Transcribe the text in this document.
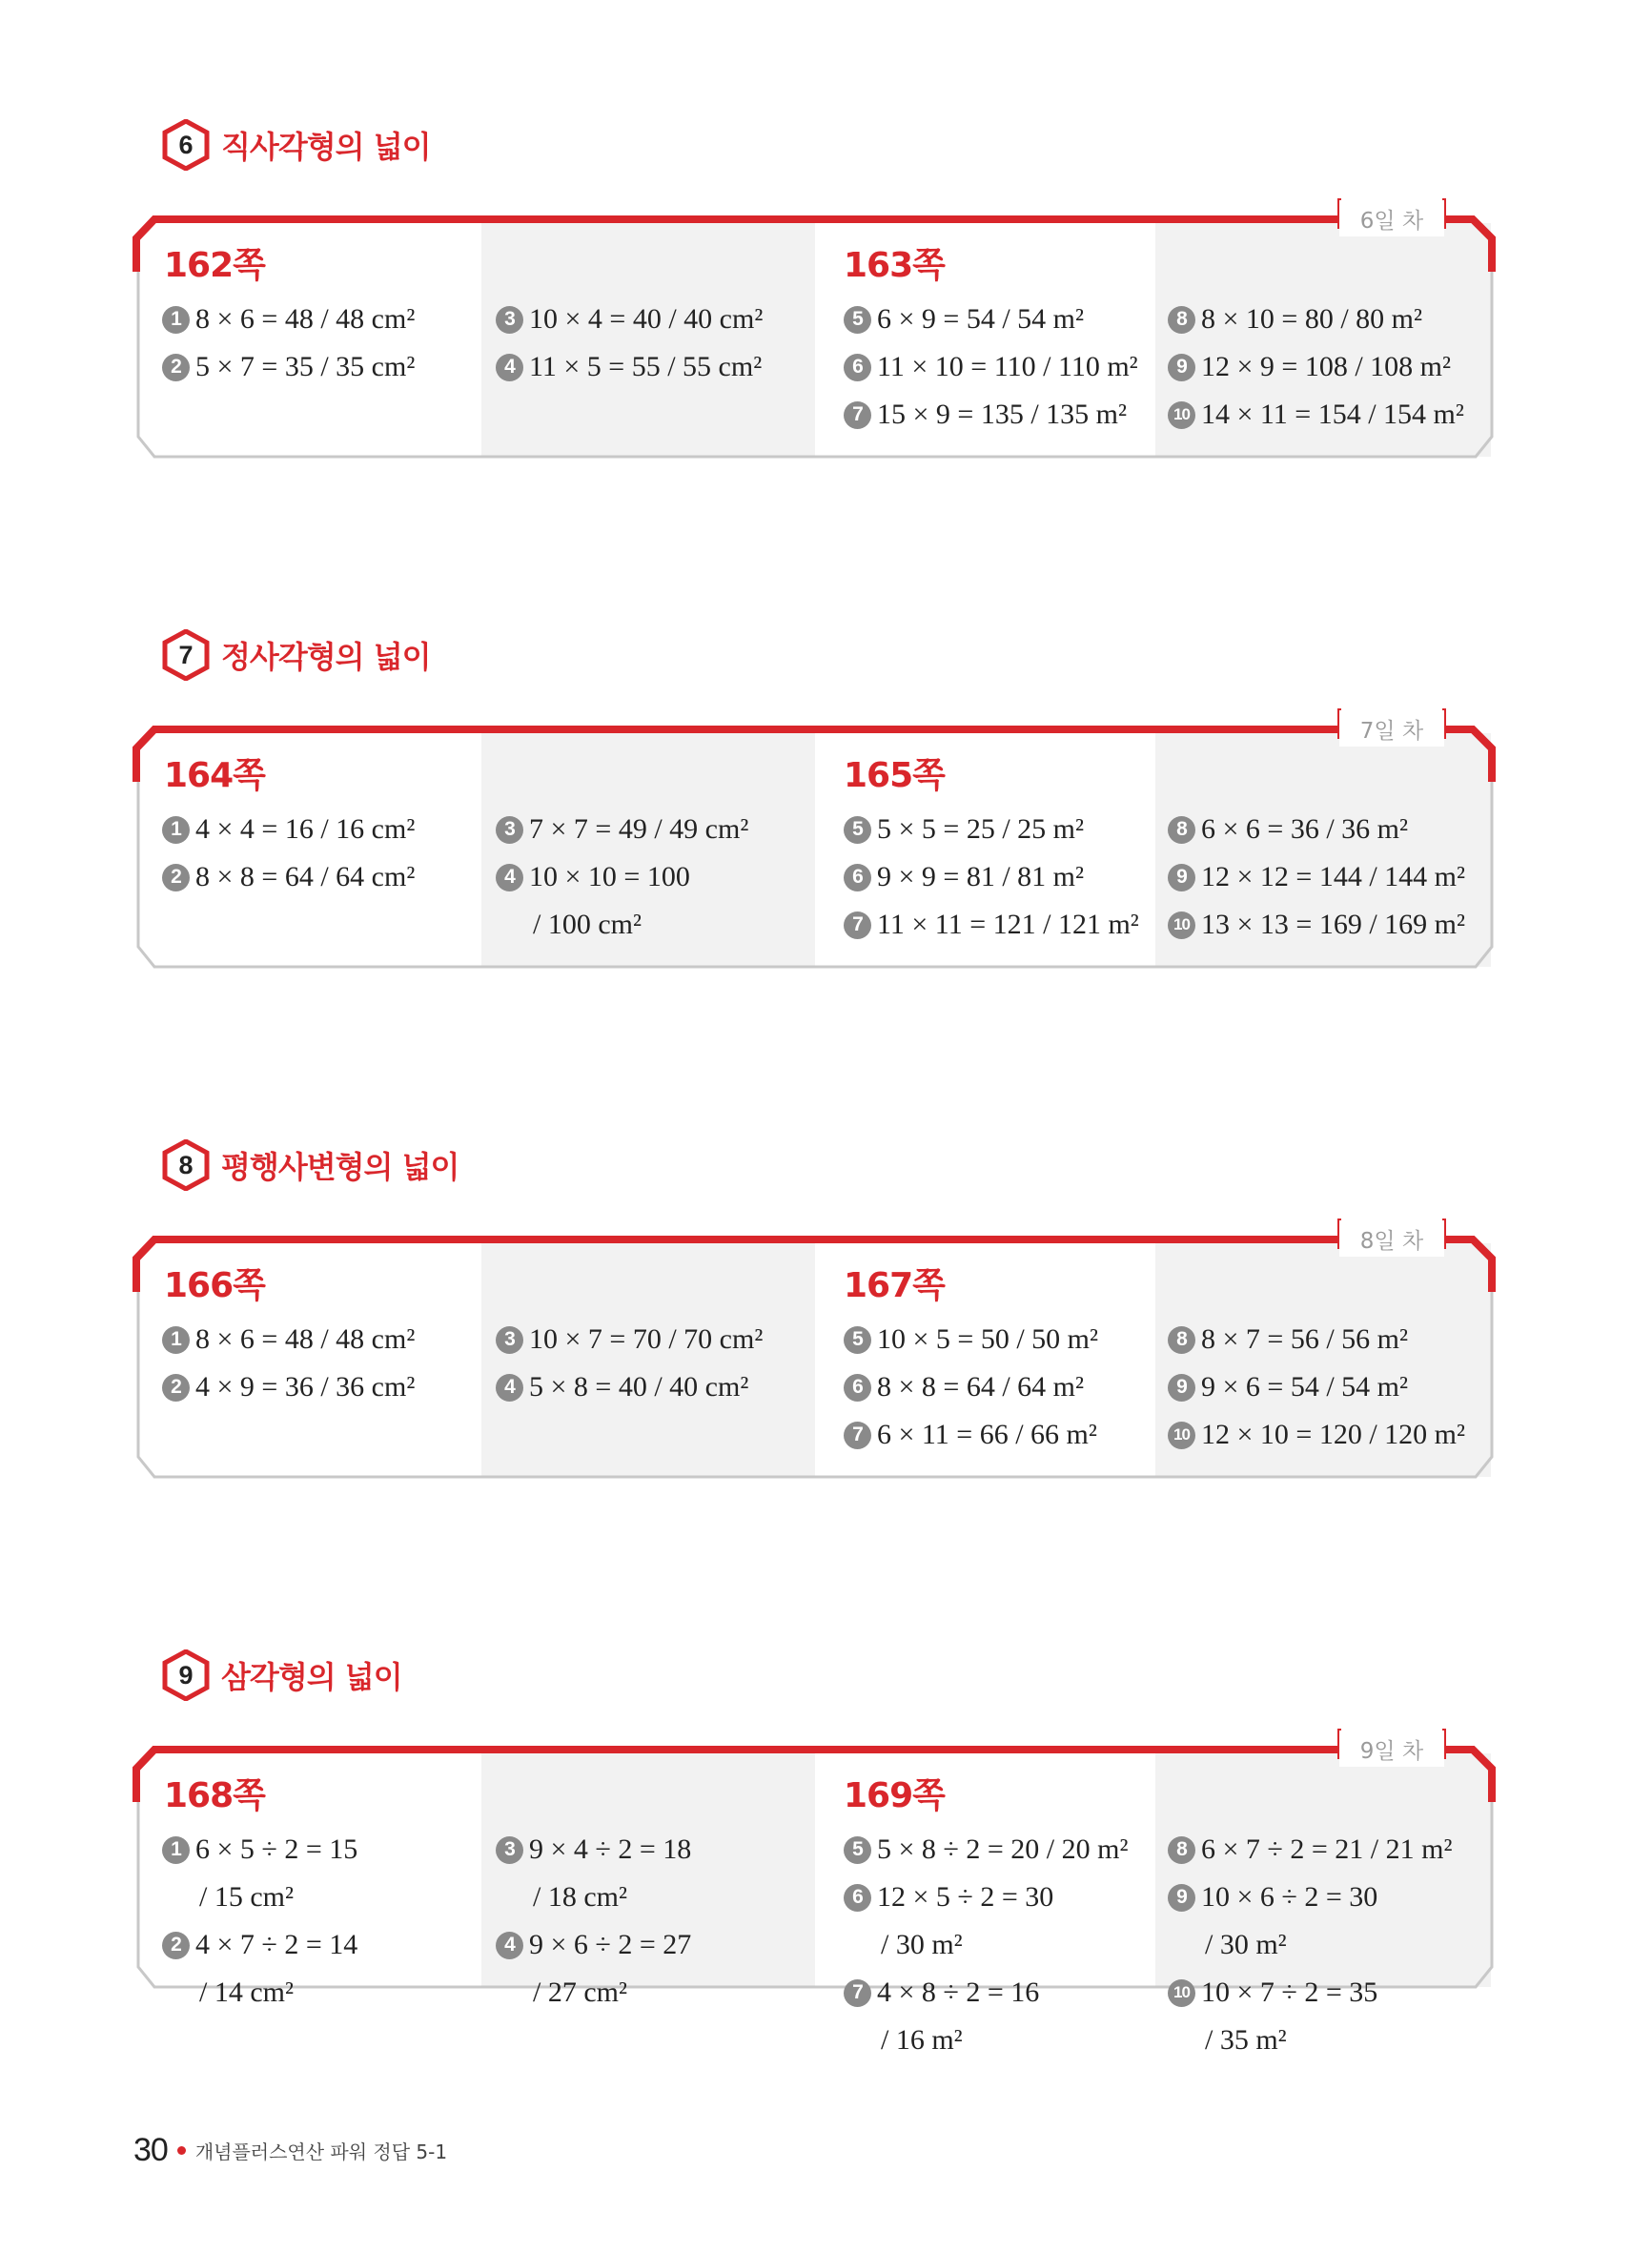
6 직사각형의 넓이
6일 차
162쪽	163쪽
1 8 × 6 = 48 / 48 cm²
2 5 × 7 = 35 / 35 cm²
3 10 × 4 = 40 / 40 cm²
4 11 × 5 = 55 / 55 cm²
5 6 × 9 = 54 / 54 m²
6 11 × 10 = 110 / 110 m²
7 15 × 9 = 135 / 135 m²
8 8 × 10 = 80 / 80 m²
9 12 × 9 = 108 / 108 m²
10 14 × 11 = 154 / 154 m²
7 정사각형의 넓이
7일 차
164쪽	165쪽
1 4 × 4 = 16 / 16 cm²
2 8 × 8 = 64 / 64 cm²
3 7 × 7 = 49 / 49 cm²
4 10 × 10 = 100
/ 100 cm²
5 5 × 5 = 25 / 25 m²
6 9 × 9 = 81 / 81 m²
7 11 × 11 = 121 / 121 m²
8 6 × 6 = 36 / 36 m²
9 12 × 12 = 144 / 144 m²
10 13 × 13 = 169 / 169 m²
8 평행사변형의 넓이
8일 차
166쪽	167쪽
1 8 × 6 = 48 / 48 cm²
2 4 × 9 = 36 / 36 cm²
3 10 × 7 = 70 / 70 cm²
4 5 × 8 = 40 / 40 cm²
5 10 × 5 = 50 / 50 m²
6 8 × 8 = 64 / 64 m²
7 6 × 11 = 66 / 66 m²
8 8 × 7 = 56 / 56 m²
9 9 × 6 = 54 / 54 m²
10 12 × 10 = 120 / 120 m²
9 삼각형의 넓이
9일 차
168쪽	169쪽
1 6 × 5 ÷ 2 = 15
/ 15 cm²
2 4 × 7 ÷ 2 = 14
/ 14 cm²
3 9 × 4 ÷ 2 = 18
/ 18 cm²
4 9 × 6 ÷ 2 = 27
/ 27 cm²
5 5 × 8 ÷ 2 = 20 / 20 m²
6 12 × 5 ÷ 2 = 30
/ 30 m²
7 4 × 8 ÷ 2 = 16
/ 16 m²
8 6 × 7 ÷ 2 = 21 / 21 m²
9 10 × 6 ÷ 2 = 30
/ 30 m²
10 10 × 7 ÷ 2 = 35
/ 35 m²
30 개념플러스연산 파워 정답 5-1
